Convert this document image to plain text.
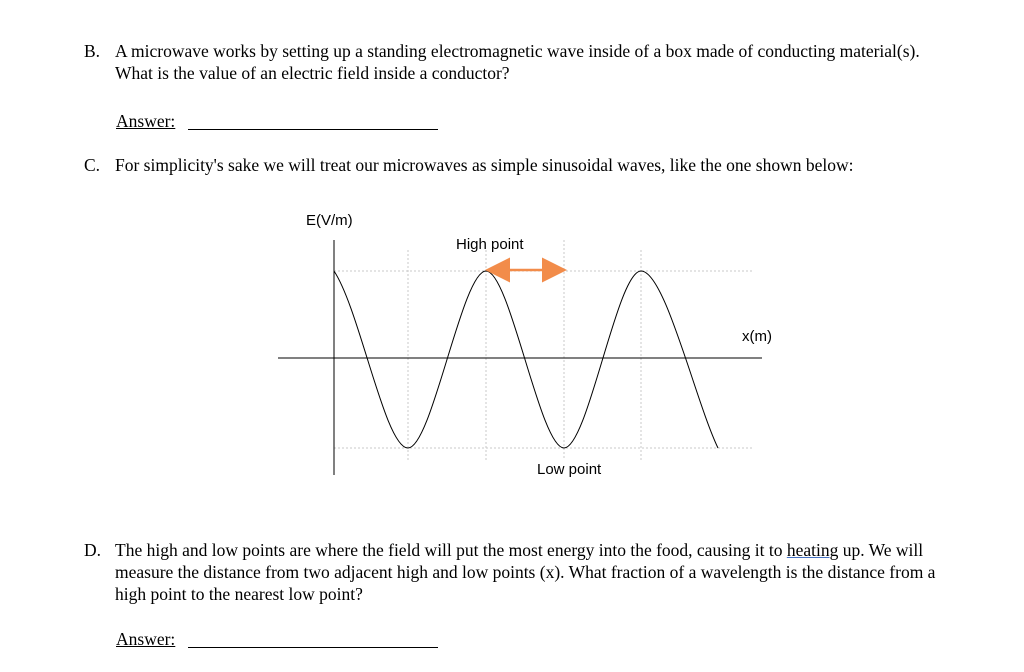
B. A microwave works by setting up a standing electromagnetic wave inside of a box made of conducting material(s). What is the value of an electric field inside a conductor?
Answer:
C. For simplicity's sake we will treat our microwaves as simple sinusoidal waves, like the one shown below:
E(V/m)
x(m)
High point
Low point
D. The high and low points are where the field will put the most energy into the food, causing it to heating up. We will measure the distance from two adjacent high and low points (x). What fraction of a wavelength is the distance from a high point to the nearest low point?
Answer:
